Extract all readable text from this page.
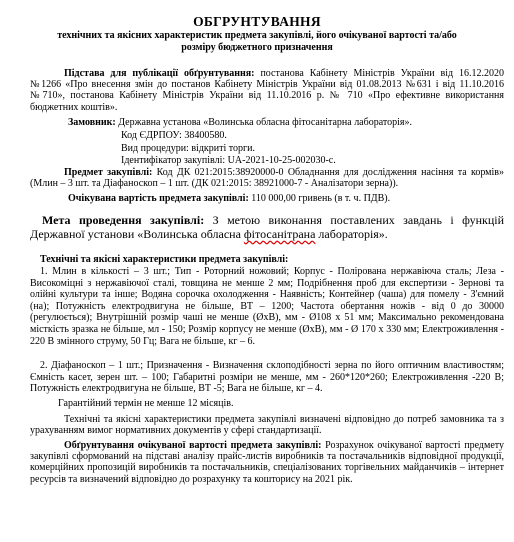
ОБГРУНТУВАННЯ
технічних та якісних характеристик предмета закупівлі, його очікуваної вартості та/або
розміру бюджетного призначення

Підстава для публікації обґрунтування: постанова Кабінету Міністрів України від 16.12.2020 №1266 «Про внесення змін до постанов Кабінету Міністрів України від 01.08.2013 №631 і від 11.10.2016 №710», постанова Кабінету Міністрів України від 11.10.2016 р. № 710 «Про ефективне використання бюджетних коштів».

Замовник: Державна установа «Волинська обласна фітосанітарна лабораторія».
Код ЄДРПОУ: 38400580.
Вид процедури: відкриті торги.
Ідентифікатор закупівлі: UA-2021-10-25-002030-c.

Предмет закупівлі: Код ДК 021:2015:38920000-0 Обладнання для дослідження насіння та кормів» (Млин – 3 шт. та Діафаноскоп – 1 шт. (ДК 021:2015: 38921000-7 - Аналізатори зерна)).

Очікувана вартість предмета закупівлі: 110 000,00 гривень (в т. ч. ПДВ).

Мета проведення закупівлі: З метою виконання поставлених завдань і функцій Державної установи «Волинська обласна фітосанітрана лабораторія».

Технічні та якісні характеристики предмета закупівлі:

1. Млин в кількості – 3 шт.; Тип - Роторний ножовий; Корпус - Полірована нержавіюча сталь; Леза - Високоміцні з нержавіючої сталі, товщина не менше 2 мм; Подрібнення проб для експертизи - Зернові та олійні культури та інше; Водяна сорочка охолодження - Наявність; Контейнер (чаша) для помелу - З'ємний (на); Потужність електродвигуна не більше, ВТ – 1200; Частота обертання ножів - від 0 до 30000 (регулюється); Внутрішній розмір чаші не менше (ØхВ), мм - Ø108 х 51 мм; Максимально рекомендована місткість зразка не більше, мл - 150; Розмір корпусу не менше (ØхВ), мм - Ø 170 х 330 мм; Електроживлення - 220 В змінного струму, 50 Гц; Вага не більше, кг – 6.

2. Діафаноскоп – 1 шт.; Призначення - Визначення склоподібності зерна по його оптичним властивостям; Ємність касет, зерен шт. – 100; Габаритні розміри не менше, мм - 260*120*260; Електроживлення -220 В; Потужність електродвигуна не більше, ВТ -5; Вага не більше, кг – 4.

Гарантійний термін не менше 12 місяців.

Технічні та якісні характеристики предмета закупівлі визначені відповідно до потреб замовника та з урахуванням вимог нормативних документів у сфері стандартизації.

Обґрунтування очікуваної вартості предмета закупівлі: Розрахунок очікуваної вартості предмету закупівлі сформований на підставі аналізу прайс-листів виробників та постачальників відповідної продукції, комерційних пропозицій виробників та постачальників, спеціалізованих торгівельних майданчиків – інтернет ресурсів та визначений відповідно до розрахунку та кошторису на 2021 рік.
